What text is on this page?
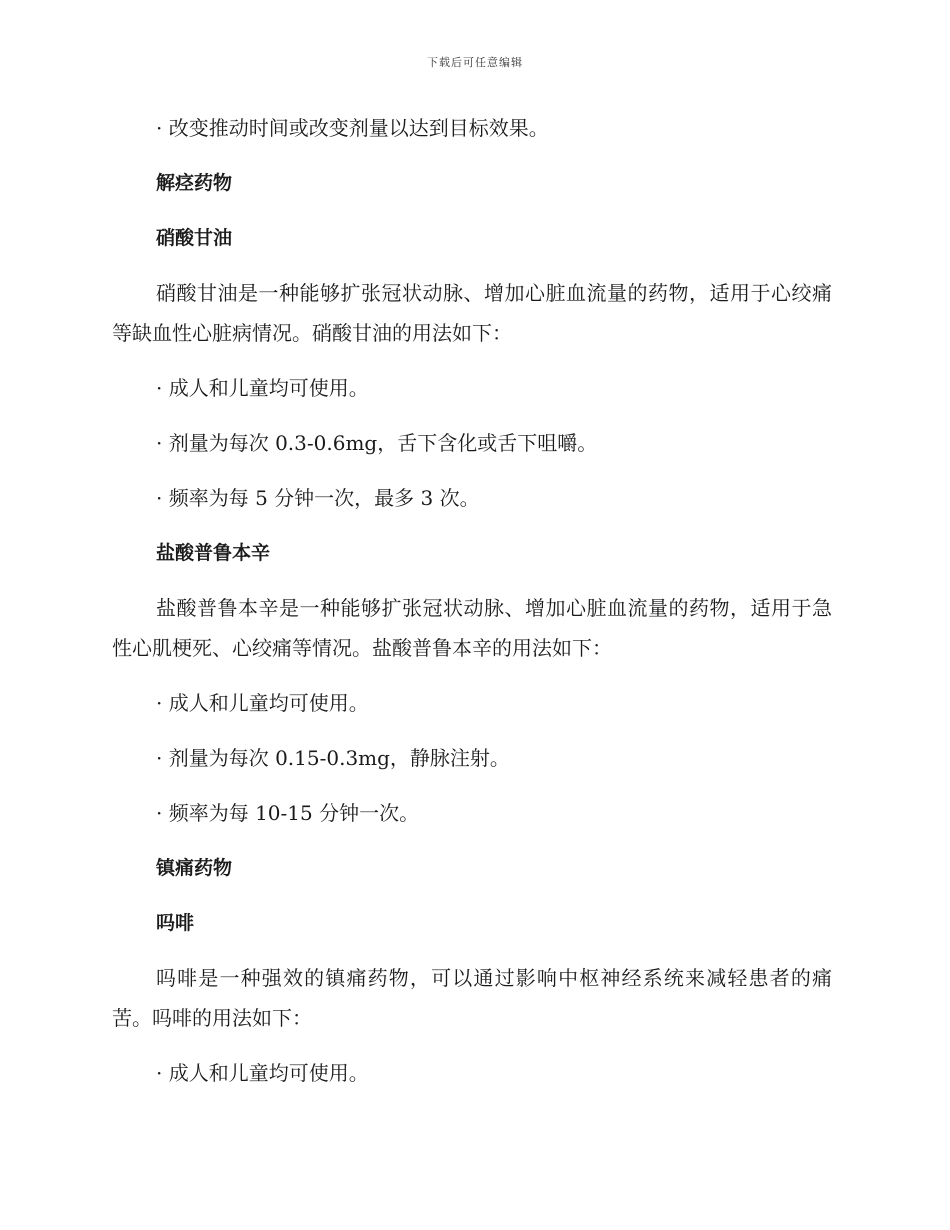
下载后可任意编辑
· 改变推动时间或改变剂量以达到目标效果。
解痉药物
硝酸甘油
硝酸甘油是一种能够扩张冠状动脉、增加心脏血流量的药物，适用于心绞痛等缺血性心脏病情况。硝酸甘油的用法如下：
· 成人和儿童均可使用。
· 剂量为每次 0.3-0.6mg，舌下含化或舌下咀嚼。
· 频率为每 5 分钟一次，最多 3 次。
盐酸普鲁本辛
盐酸普鲁本辛是一种能够扩张冠状动脉、增加心脏血流量的药物，适用于急性心肌梗死、心绞痛等情况。盐酸普鲁本辛的用法如下：
· 成人和儿童均可使用。
· 剂量为每次 0.15-0.3mg，静脉注射。
· 频率为每 10-15 分钟一次。
镇痛药物
吗啡
吗啡是一种强效的镇痛药物，可以通过影响中枢神经系统来减轻患者的痛苦。吗啡的用法如下：
· 成人和儿童均可使用。
